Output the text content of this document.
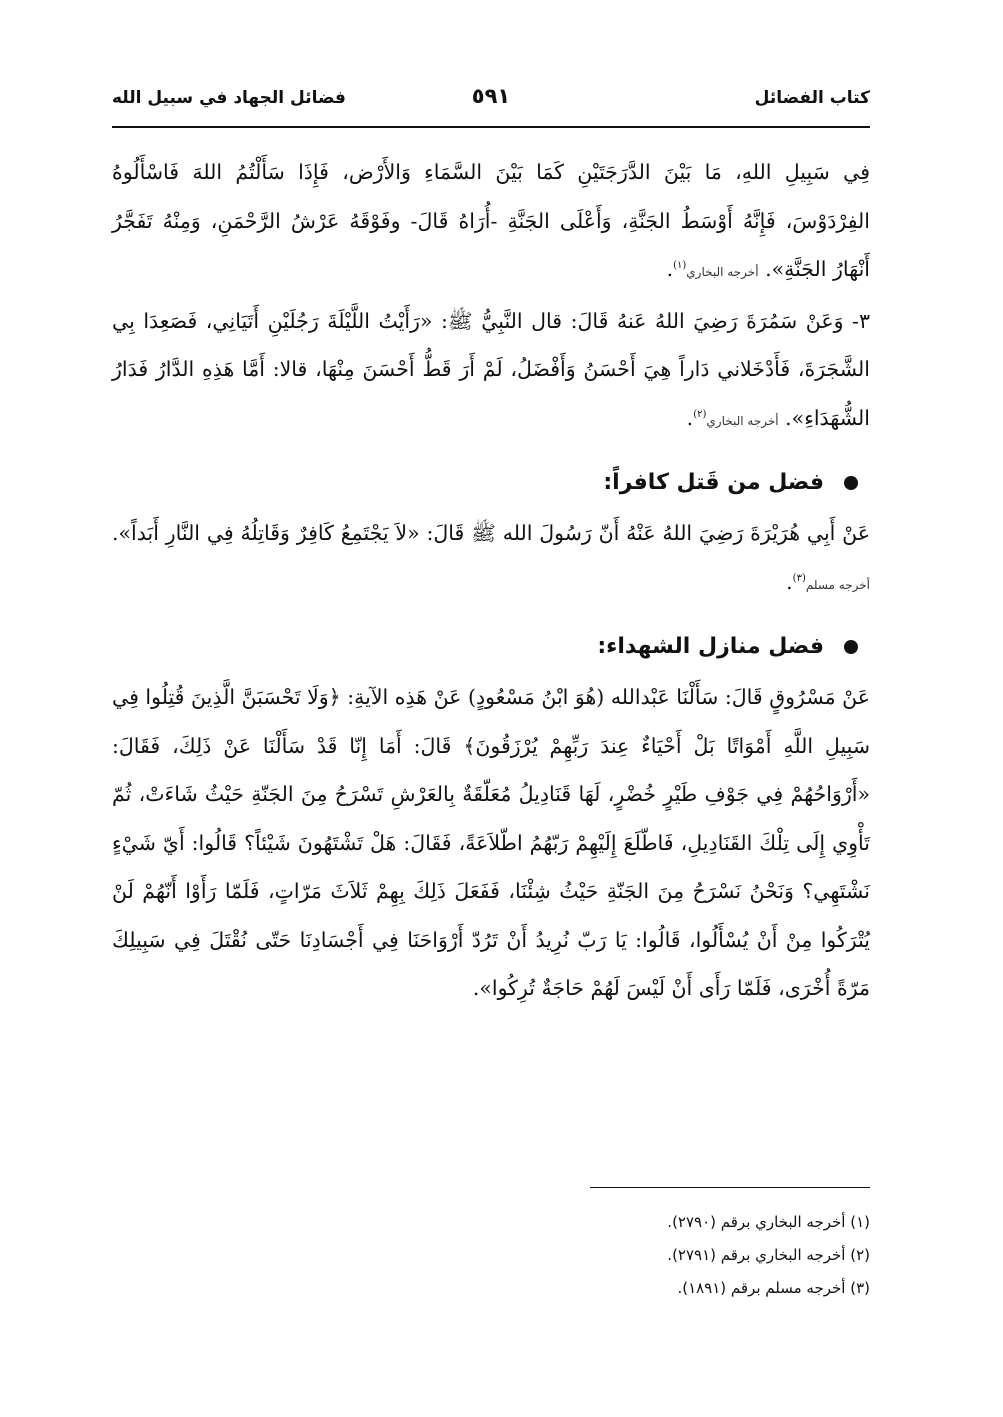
كتاب الفضائل
٥٩١
فضائل الجهاد في سبيل الله

فِي سَبِيلِ اللهِ، مَا بَيْنَ الدَّرَجَتَيْنِ كَمَا بَيْنَ السَّمَاءِ وَالأَرْض، فَإِذَا سَأَلْتُمُ اللهَ فَاسْأَلُوهُ الفِرْدَوْسَ، فَإِنَّهُ أَوْسَطُ الجَنَّةِ، وَأَعْلَى الجَنَّةِ -أُرَاهُ قَالَ- وفَوْقَهُ عَرْشُ الرَّحْمَنِ، وَمِنْهُ تَفَجَّرُ أَنْهَارُ الجَنَّةِ». أخرجه البخاري$^{(١)}$.

٣- وَعَنْ سَمُرَةَ رَضِيَ اللهُ عَنهُ قَالَ: قال النَّبِيُّ ﷺ: «رَأَيْتُ اللَّيْلَةَ رَجُلَيْنِ أَتَيَانِي، فَصَعِدَا بِي الشَّجَرَةَ، فَأَدْخَلاني دَاراً هِيَ أَحْسَنُ وَأَفْضَلُ، لَمْ أَرَ قَطُّ أَحْسَنَ مِنْهَا، قالا: أَمَّا هَذِهِ الدَّارُ فَدَارُ الشُّهَدَاءِ». أخرجه البخاري$^{(٢)}$.

فضل من قَتل كافراً:

عَنْ أَبِي هُرَيْرَةَ رَضِيَ اللهُ عَنْهُ أَنّ رَسُولَ الله ﷺ قَالَ: «لاَ يَجْتَمِعُ كَافِرٌ وَقَاتِلُهُ فِي النَّارِ أَبَداً». أخرجه مسلم$^{(٣)}$.

فضل منازل الشهداء:

عَنْ مَسْرُوقٍ قَالَ: سَأَلْنَا عَبْدالله (هُوَ ابْنُ مَسْعُودٍ) عَنْ هَذِه الآيةِ: ﴿وَلَا تَحْسَبَنَّ الَّذِينَ قُتِلُوا فِي سَبِيلِ اللَّهِ أَمْوَاتًا بَلْ أَحْيَاءٌ عِندَ رَبِّهِمْ يُرْزَقُونَ﴾ قَالَ: أَمَا إِنّا قَدْ سَأَلْنَا عَنْ ذَلِكَ، فَقَالَ: «أَرْوَاحُهُمْ فِي جَوْفِ طَيْرٍ خُضْرٍ، لَهَا قَنَادِيلُ مُعَلّقَةٌ بِالعَرْشِ تَسْرَحُ مِنَ الجَنّةِ حَيْثُ شَاءَتْ، ثُمّ تَأْوِي إِلَى تِلْكَ القَنَادِيلِ، فَاطّلَعَ إِلَيْهِمْ رَبّهُمُ اطّلاَعَةً، فَقَالَ: هَلْ تَشْتَهُونَ شَيْئاً؟ قَالُوا: أَيّ شَيْءٍ نَشْتَهِي؟ وَنَحْنُ نَسْرَحُ مِنَ الجَنّةِ حَيْثُ شِئْنَا، فَفَعَلَ ذَلِكَ بِهِمْ ثَلاَثَ مَرّاتٍ، فَلَمّا رَأَوْا أَنّهُمْ لَنْ يُتْرَكُوا مِنْ أَنْ يُسْأَلُوا، قَالُوا: يَا رَبّ نُرِيدُ أَنْ تَرُدّ أَرْوَاحَنَا فِي أَجْسَادِنَا حَتّى نُقْتَلَ فِي سَبِيلِكَ مَرّةً أُخْرَى، فَلَمّا رَأَى أَنْ لَيْسَ لَهُمْ حَاجَةٌ تُرِكُوا».

(١) أخرجه البخاري برقم (٢٧٩٠).
(٢) أخرجه البخاري برقم (٢٧٩١).
(٣) أخرجه مسلم برقم (١٨٩١).
